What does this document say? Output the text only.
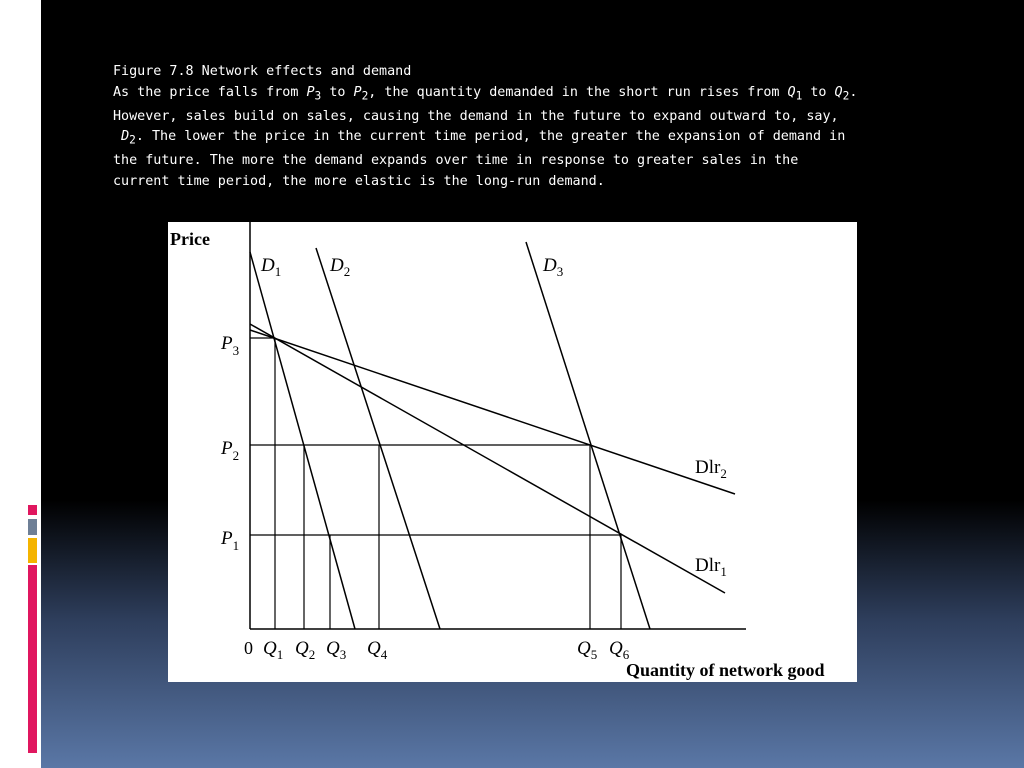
Figure 7.8 Network effects and demand
As the price falls from $P_3$ to $P_2$, the quantity demanded in the short run rises from $Q_1$ to $Q_2$.
However, sales build on sales, causing the demand in the future to expand outward to, say,
$D_2$. The lower the price in the current time period, the greater the expansion of demand in
the future. The more the demand expands over time in response to greater sales in the
current time period, the more elastic is the long-run demand.
Price
Quantity of network good
0
$P_3$
$P_2$
$P_1$
$Q_1$ $Q_2$ $Q_3$ $Q_4$	$Q_5$ $Q_6$
$D_1$	$D_2$	$D_3$
Dlr$_2$
Dlr$_1$
